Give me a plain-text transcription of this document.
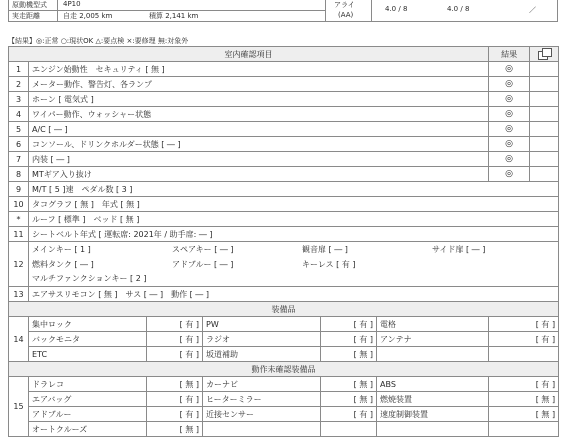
原動機型式 4P10
実走距離	自走 2,005 km	積算 2,141 km
アライ
(AA)
4.0 / 8	4.0 / 8	／
【結果】◎:正常 ○:現状OK △:要点検 ×:要修理 無:対象外
室内確認項目						結果	
1	エンジン始動性　セキュリティ [ 無 ]					◎	
2	メーター動作、警告灯、各ランプ					◎	
3	ホーン [ 電気式 ]					◎	
4	ワイパー動作、ウォッシャー状態					◎	
5	A/C [ ― ]					◎	
6	コンソール、ドリンクホルダー状態 [ ― ]					◎	
7	内装 [ ― ]					◎	
8	MTギア入り抜け					◎	
9	M/T [ 5 ]速　ペダル数 [ 3 ]						
10	タコグラフ [ 無 ]　年式 [ 無 ]						
*	ルーフ [ 標準 ]　ベッド [ 無 ]						
11	シートベルト年式 [ 運転席: 2021年 / 助手席: ― ]						
12	メインキー [ 1 ] スペアキー [ ― ] 観音扉 [ ― ] サイド扉 [ ― ]						
	燃料タンク [ ― ] アドブルー [ ― ] キーレス [ 有 ]						
	マルチファンクションキー [ 2 ]						
13	エアサスリモコン [ 無 ]　サス [ ― ]　動作 [ ― ]						
装備品							
14	集中ロック	[ 有 ]	PW	[ 有 ]	電格	[ 有 ]	
	バックモニタ	[ 有 ]	ラジオ	[ 有 ]	アンテナ	[ 有 ]	
	ETC	[ 有 ]	坂道補助	[ 無 ]			
動作未確認装備品							
15	ドラレコ	[ 無 ]	カーナビ	[ 無 ]	ABS	[ 有 ]	
	エアバッグ	[ 有 ]	ヒーターミラー	[ 無 ]	燃焼装置	[ 無 ]	
	アドブルー	[ 有 ]	近接センサー	[ 有 ]	速度制御装置	[ 無 ]	
	オートクルーズ	[ 無 ]					
